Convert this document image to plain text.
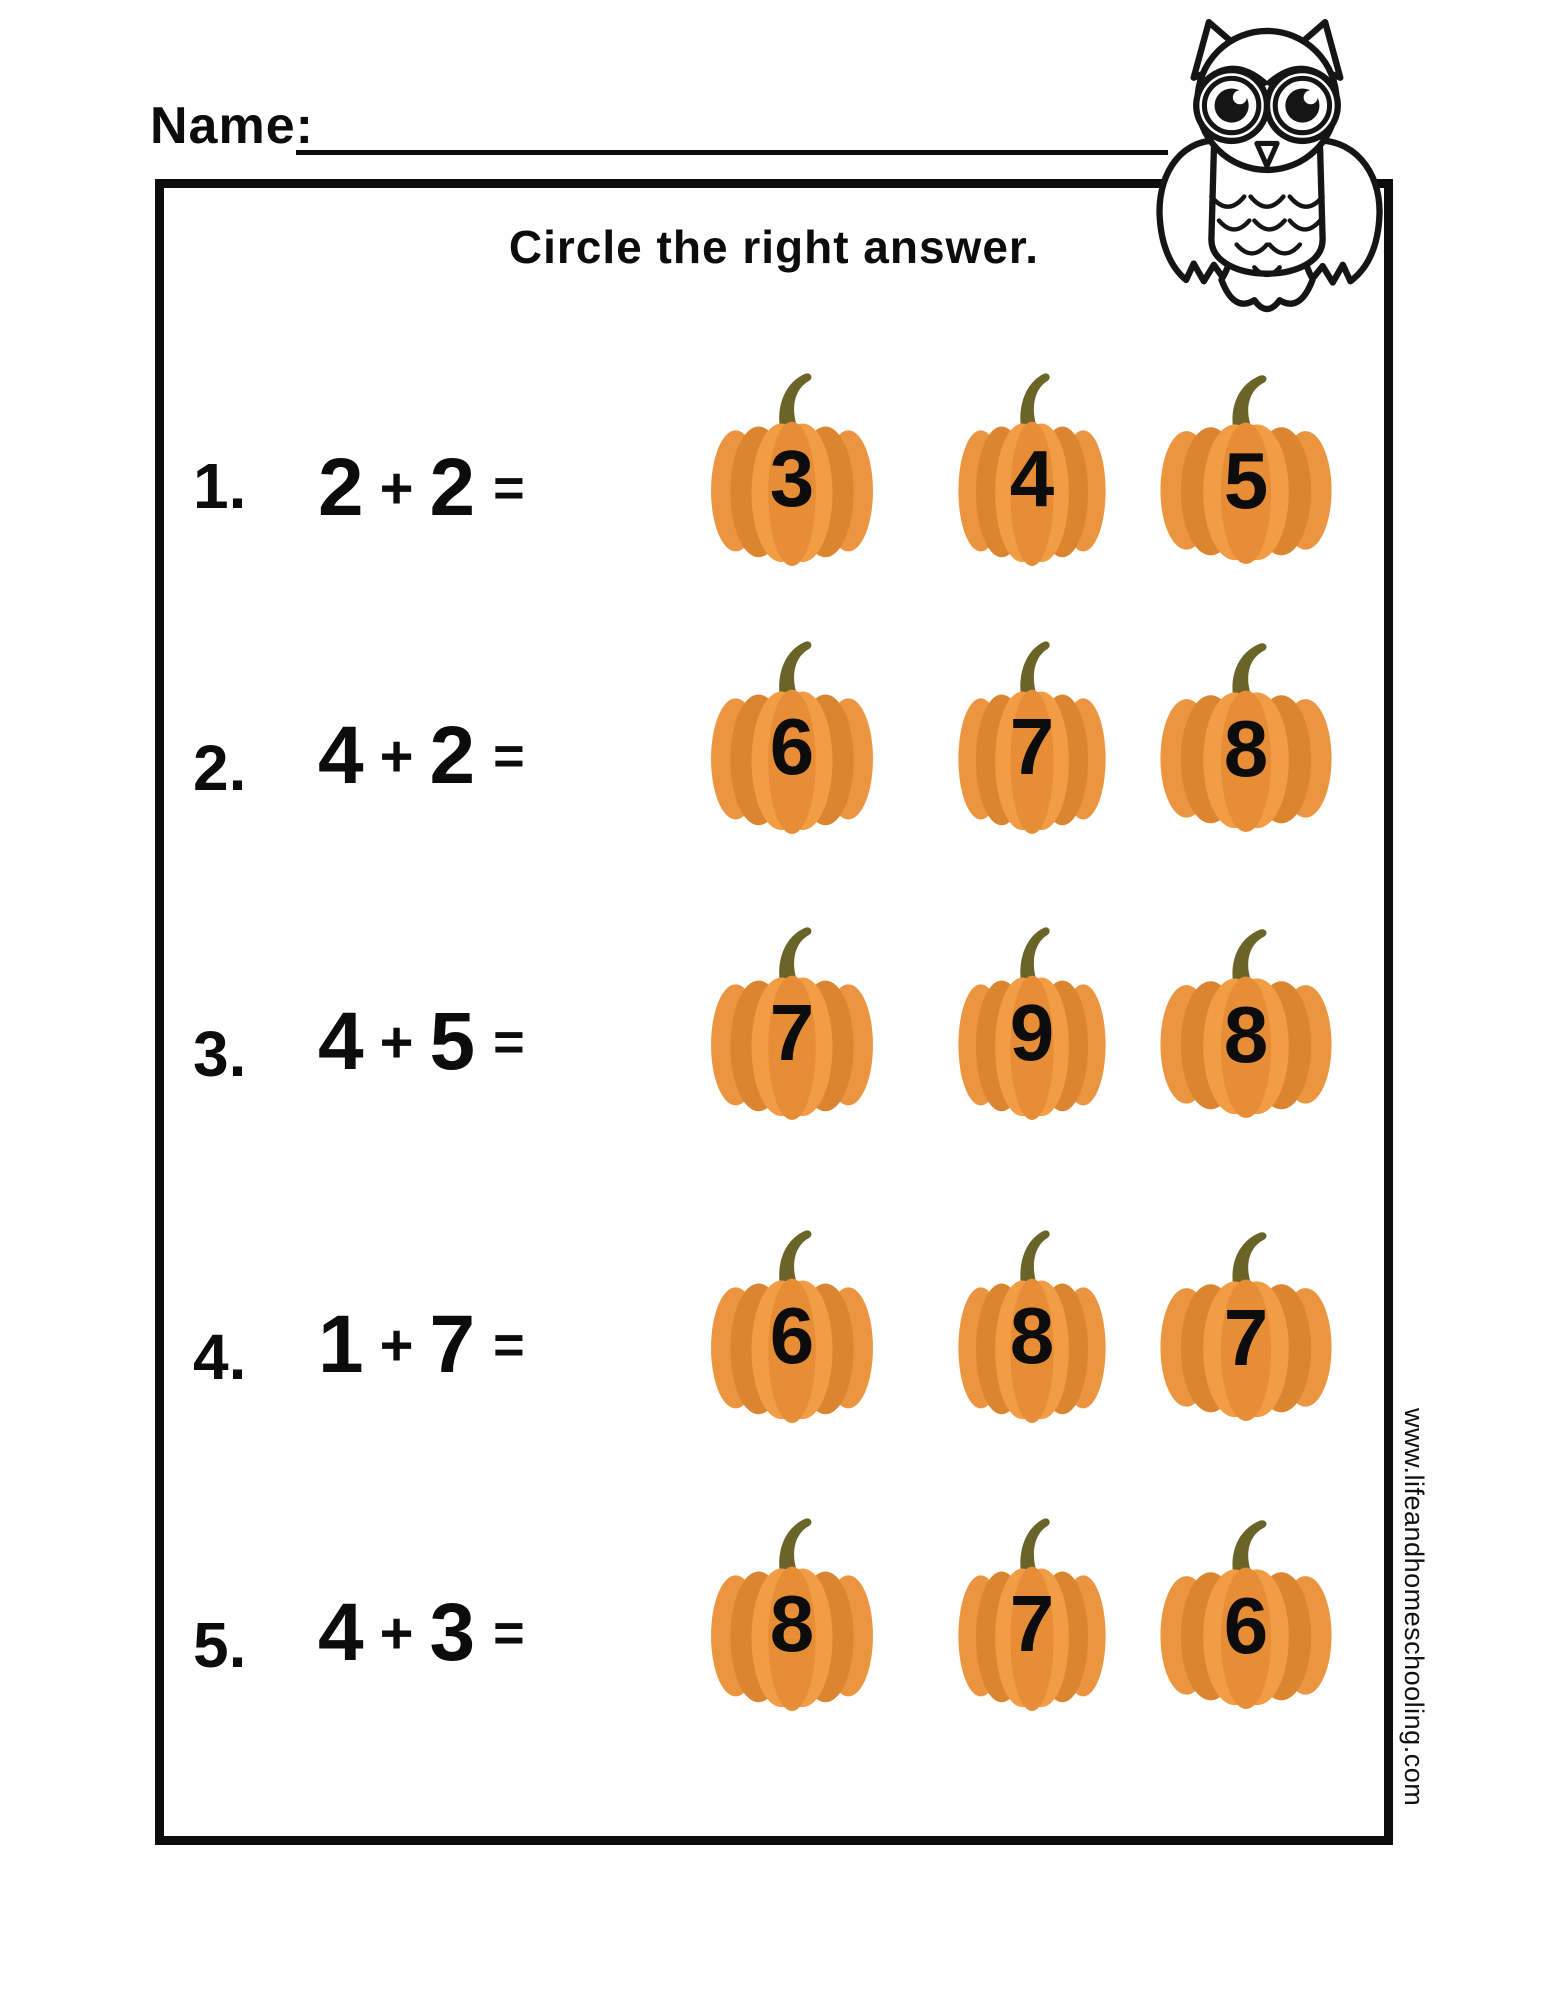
Name:
Circle the right answer.
1. 2 + 2 =	3	4	5
2. 4 + 2 =	6	7	8
3. 4 + 5 =	7	9	8
4. 1 + 7 =	6	8	7
5. 4 + 3 =	8	7	6	www.lifeandhomeschooling.com
